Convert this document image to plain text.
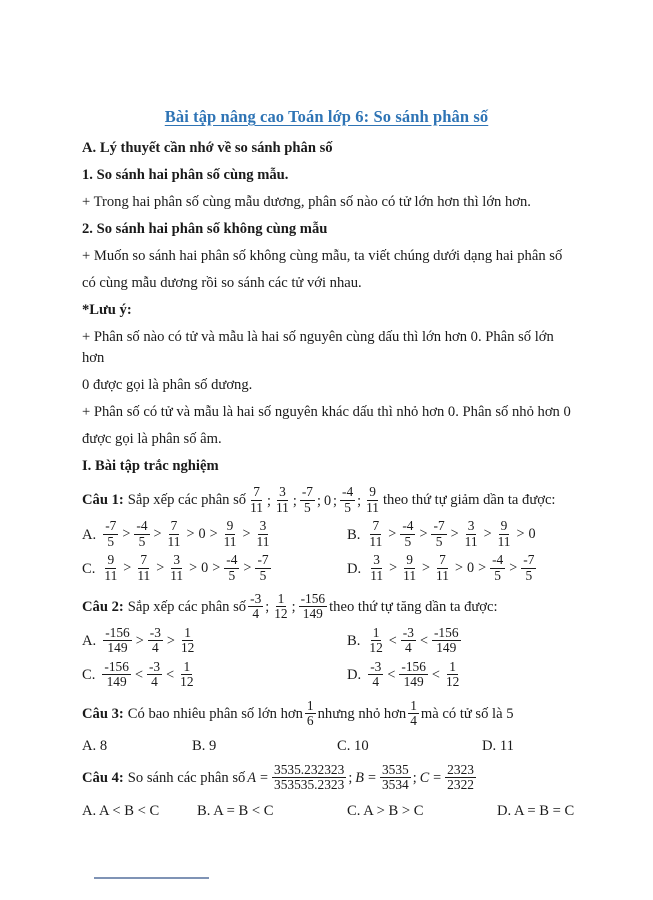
Bài tập nâng cao Toán lớp 6: So sánh phân số

A. Lý thuyết cần nhớ về so sánh phân số

1. So sánh hai phân số cùng mẫu.

+ Trong hai phân số cùng mẫu dương, phân số nào có tử lớn hơn thì lớn hơn.

2. So sánh hai phân số không cùng mẫu

+ Muốn so sánh hai phân số không cùng mẫu, ta viết chúng dưới dạng hai phân số

có cùng mẫu dương rồi so sánh các tử với nhau.

*Lưu ý:

+ Phân số nào có tử và mẫu là hai số nguyên cùng dấu thì lớn hơn 0. Phân số lớn hơn

0 được gọi là phân số dương.

+ Phân số có tử và mẫu là hai số nguyên khác dấu thì nhỏ hơn 0. Phân số nhỏ hơn 0

được gọi là phân số âm.

I. Bài tập trắc nghiệm

Câu 1: Sắp xếp các phân số $\frac{7}{11}$ ; $\frac{3}{11}$ ; $\frac{-7}{5}$ ; 0 ; $\frac{-4}{5}$ ; $\frac{9}{11}$ theo thứ tự giảm dần ta được:
A. $\frac{-7}{5} > \frac{-4}{5} > \frac{7}{11} > 0 > \frac{9}{11} > \frac{3}{11}$	B. $\frac{7}{11} > \frac{-4}{5} > \frac{-7}{5} > \frac{3}{11} > \frac{9}{11} > 0$
C. $\frac{9}{11} > \frac{7}{11} > \frac{3}{11} > 0 > \frac{-4}{5} > \frac{-7}{5}$	D. $\frac{3}{11} > \frac{9}{11} > \frac{7}{11} > 0 > \frac{-4}{5} > \frac{-7}{5}$
Câu 2: Sắp xếp các phân số $\frac{-3}{4}$ ; $\frac{1}{12}$ ; $\frac{-156}{149}$ theo thứ tự tăng dần ta được:
A. $\frac{-156}{149} > \frac{-3}{4} > \frac{1}{12}$	B. $\frac{1}{12} < \frac{-3}{4} < \frac{-156}{149}$
C. $\frac{-156}{149} < \frac{-3}{4} < \frac{1}{12}$	D. $\frac{-3}{4} < \frac{-156}{149} < \frac{1}{12}$
Câu 3: Có bao nhiêu phân số lớn hơn $\frac{1}{6}$ nhưng nhỏ hơn $\frac{1}{4}$ mà có tử số là 5
A. 8	B. 9	C. 10	D. 11
Câu 4: So sánh các phân số $A = \frac{3535.232323}{353535.2323}$ ; $B = \frac{3535}{3534}$ ; $C = \frac{2323}{2322}$
A. A < B < C	B. A = B < C	C. A > B > C	D. A = B = C
